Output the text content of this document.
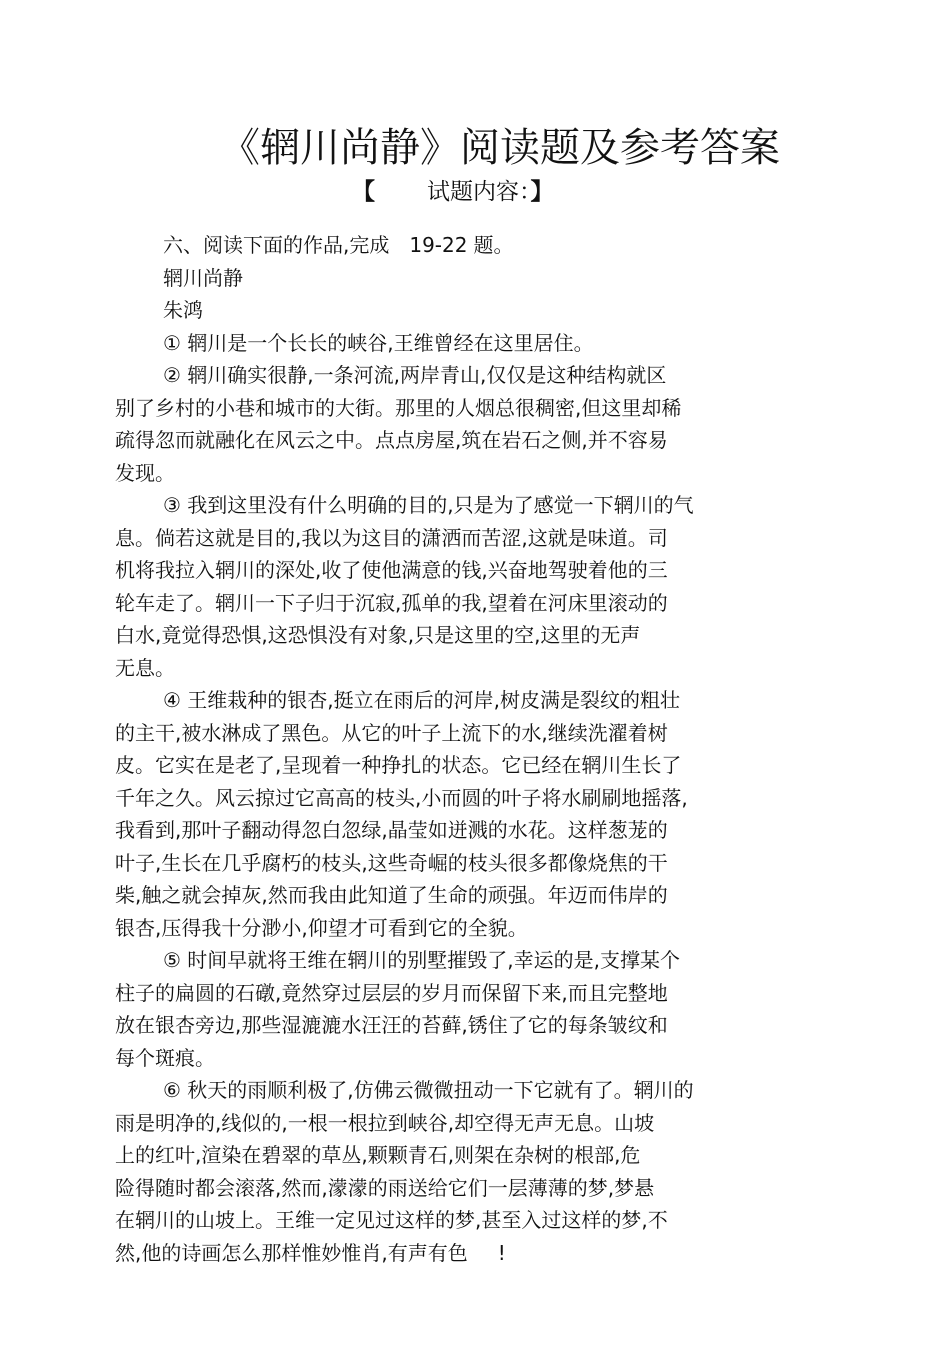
《辋川尚静》阅读题及参考答案
【 试题内容：】
六、阅读下面的作品,完成 19-22 题。
辋川尚静
朱鸿
① 辋川是一个长长的峡谷,王维曾经在这里居住。
② 辋川确实很静,一条河流,两岸青山,仅仅是这种结构就区
别了乡村的小巷和城市的大街。那里的人烟总很稠密,但这里却稀
疏得忽而就融化在风云之中。点点房屋,筑在岩石之侧,并不容易
发现。
③ 我到这里没有什么明确的目的,只是为了感觉一下辋川的气
息。倘若这就是目的,我以为这目的潇洒而苦涩,这就是味道。司
机将我拉入辋川的深处,收了使他满意的钱,兴奋地驾驶着他的三
轮车走了。辋川一下子归于沉寂,孤单的我,望着在河床里滚动的
白水,竟觉得恐惧,这恐惧没有对象,只是这里的空,这里的无声
无息。
④ 王维栽种的银杏,挺立在雨后的河岸,树皮满是裂纹的粗壮
的主干,被水淋成了黑色。从它的叶子上流下的水,继续洗濯着树
皮。它实在是老了,呈现着一种挣扎的状态。它已经在辋川生长了
千年之久。风云掠过它高高的枝头,小而圆的叶子将水刷刷地摇落,
我看到,那叶子翻动得忽白忽绿,晶莹如迸溅的水花。这样葱茏的
叶子,生长在几乎腐朽的枝头,这些奇崛的枝头很多都像烧焦的干
柴,触之就会掉灰,然而我由此知道了生命的顽强。年迈而伟岸的
银杏,压得我十分渺小,仰望才可看到它的全貌。
⑤ 时间早就将王维在辋川的别墅摧毁了,幸运的是,支撑某个
柱子的扁圆的石礅,竟然穿过层层的岁月而保留下来,而且完整地
放在银杏旁边,那些湿漉漉水汪汪的苔藓,锈住了它的每条皱纹和
每个斑痕。
⑥ 秋天的雨顺利极了,仿佛云微微扭动一下它就有了。辋川的
雨是明净的,线似的,一根一根拉到峡谷,却空得无声无息。山坡
上的红叶,渲染在碧翠的草丛,颗颗青石,则架在杂树的根部,危
险得随时都会滚落,然而,濛濛的雨送给它们一层薄薄的梦,梦悬
在辋川的山坡上。王维一定见过这样的梦,甚至入过这样的梦,不
然,他的诗画怎么那样惟妙惟肖,有声有色 !
